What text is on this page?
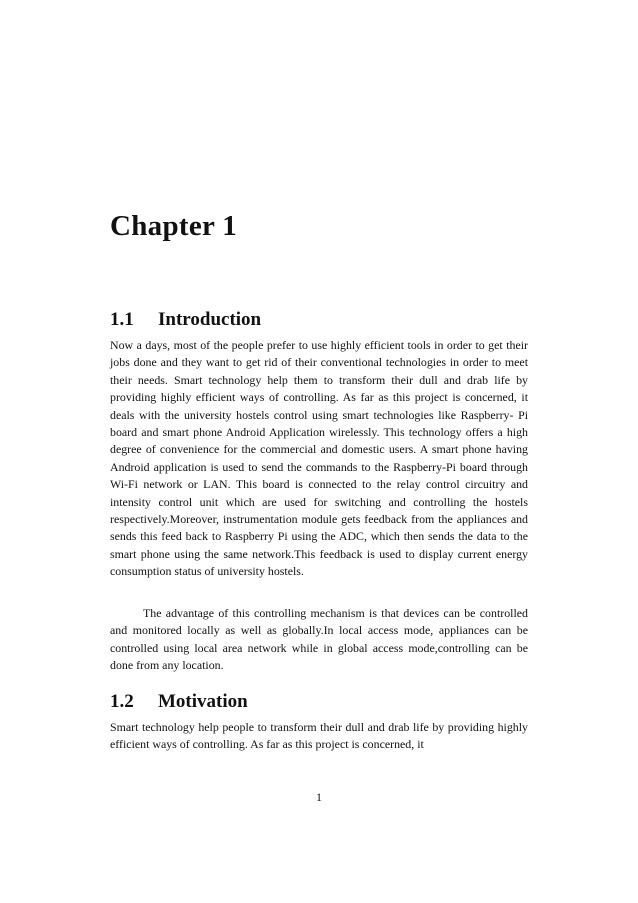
Chapter 1
1.1 Introduction

Now a days, most of the people prefer to use highly efficient tools in order to get their jobs done and they want to get rid of their conventional technologies in order to meet their needs. Smart technology help them to transform their dull and drab life by providing highly efficient ways of controlling. As far as this project is concerned, it deals with the university hostels control using smart technologies like Raspberry- Pi board and smart phone Android Application wirelessly. This technology offers a high degree of convenience for the commercial and domestic users. A smart phone having Android application is used to send the commands to the Raspberry-Pi board through Wi-Fi network or LAN. This board is connected to the relay control circuitry and intensity control unit which are used for switching and controlling the hostels respectively.Moreover, instrumentation module gets feedback from the appliances and sends this feed back to Raspberry Pi using the ADC, which then sends the data to the smart phone using the same network.This feedback is used to display current energy consumption status of university hostels.

The advantage of this controlling mechanism is that devices can be controlled and monitored locally as well as globally.In local access mode, appliances can be controlled using local area network while in global access mode,controlling can be done from any location.

1.2 Motivation

Smart technology help people to transform their dull and drab life by providing highly efficient ways of controlling. As far as this project is concerned, it

1
